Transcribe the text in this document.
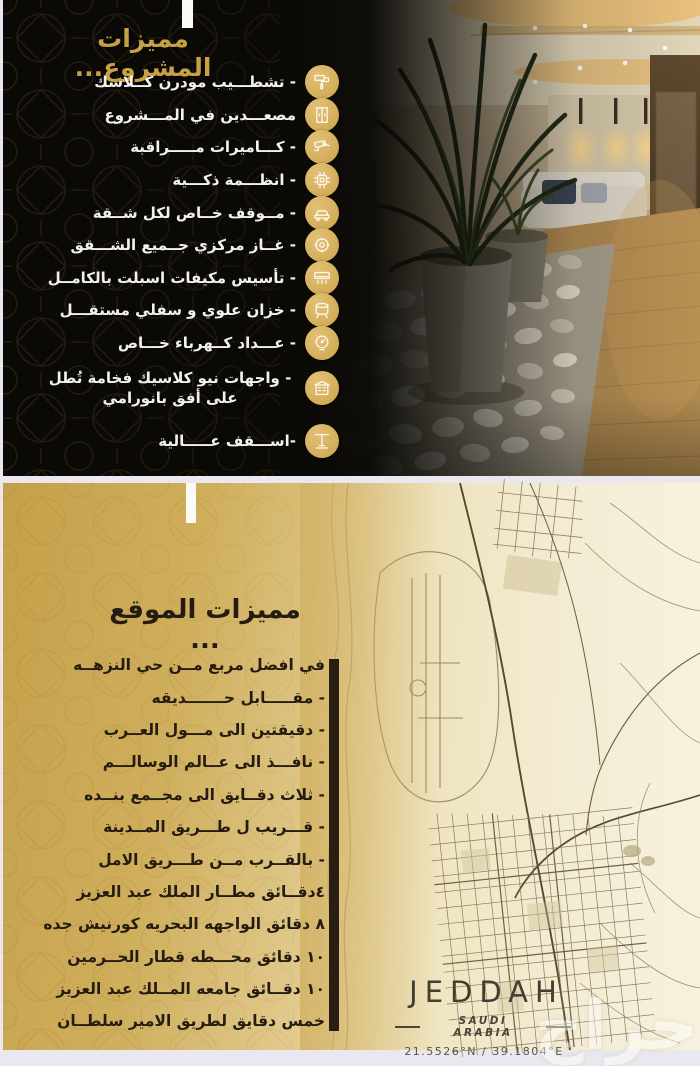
مميزات المشروع...
- تشطـــيب مودرن كــلاسك
مصعـــدين في المـــشروع
- كـــاميرات مـــــراقبة
- انظـــمة ذكـــية
- مــوقف خــاص لكل شــقة
- غــاز مركزي جــميع الشـــقق
- تأسيس مكيفات اسبلت بالكامــل
- خزان علوي و سفلي مستقـــل
- عـــداد كــهرباء خـــاص
- واجهات نيو كلاسيك فخامة تُطل على أفق بانورامي
-اســـقف عـــــالية
مميزات الموقع ...
في افضل مربع مــن حي النزهــه
- مقـــــابل حـــــــديقه
- دقيقتين الى مـــول العــرب
- نافـــذ الى عــالم الوسالـــم
- ثلاث دقــايق الى مجــمع بنــده
- قـــريب ل طـــريق المــدينة
- بالقــرب مــن طـــريق الامل
٤دقــائق مطــار الملك عبد العزيز
٨ دقائق الواجهه البحريه كورنيش جده
١٠ دقائق محـــطه قطار الحــرمين
١٠ دقــائق جامعه المــلك عبد العزيز
خمس دقايق لطريق الامير سلطــان
JEDDAH
SAUDI ARABIA
21.5526°N / 39.1804°E
حراج
